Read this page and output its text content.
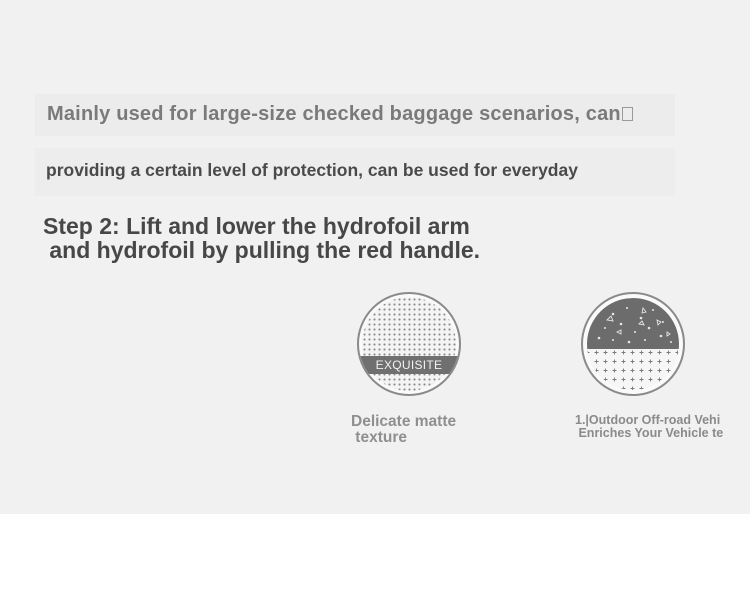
Mainly used for large-size checked baggage scenarios, can
providing a certain level of protection, can be used for everyday
Step 2: Lift and lower the hydrofoil arm
and hydrofoil by pulling the red handle.
EXQUISITE
Delicate matte
texture
1.|Outdoor Off-road Vehi
Enriches Your Vehicle te
